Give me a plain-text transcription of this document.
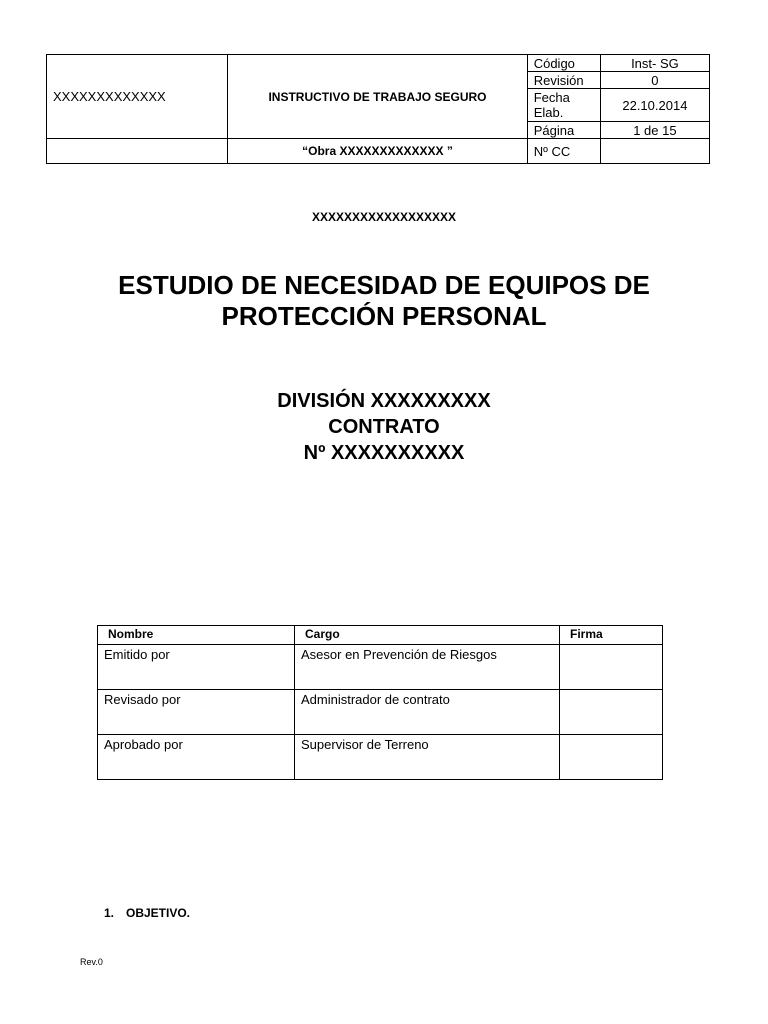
XXXXXXXXXXXXX	INSTRUCTIVO DE TRABAJO SEGURO	Código	Inst- SG
		Revisión	0
		Fecha Elab.	22.10.2014
		Página	1 de 15
	“Obra XXXXXXXXXXXXX ”	Nº CC	

XXXXXXXXXXXXXXXXXX

ESTUDIO DE NECESIDAD DE EQUIPOS DE
PROTECCIÓN PERSONAL
DIVISIÓN XXXXXXXXX
CONTRATO
Nº XXXXXXXXXX
Nombre	Cargo	Firma
Emitido por	Asesor en Prevención de Riesgos	
Revisado por	Administrador de contrato	
Aprobado por	Supervisor de Terreno	

1. OBJETIVO.

Rev.0
